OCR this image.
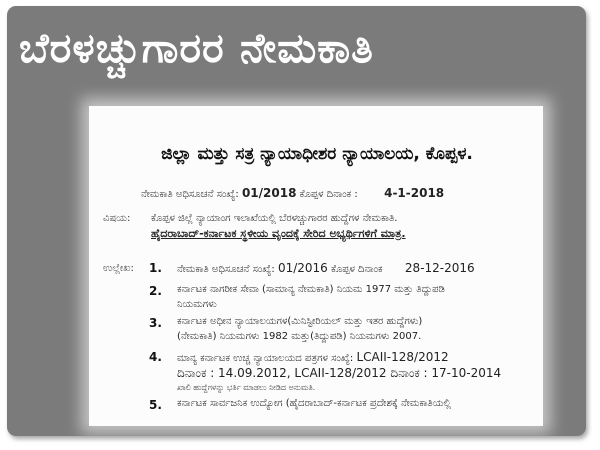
ಬೆರಳಚ್ಚುಗಾರರ ನೇಮಕಾತಿ
ಜಿಲ್ಲಾ ಮತ್ತು ಸತ್ರ ನ್ಯಾಯಾಧೀಶರ ನ್ಯಾಯಾಲಯ, ಕೊಪ್ಪಳ.
ನೇಮಕಾತಿ ಅಧಿಸೂಚನೆ ಸಂಖ್ಯೆ: 01/2018 ಕೊಪ್ಪಳ ದಿನಾಂಕ : 4-1-2018
ವಿಷಯ: ಕೊಪ್ಪಳ ಜಿಲ್ಲೆ ನ್ಯಾಯಾಂಗ ಇಲಾಖೆಯಲ್ಲಿ ಬೆರಳಚ್ಚುಗಾರರ ಹುದ್ದೆಗಳ ನೇಮಕಾತಿ.
ಹೈದರಾಬಾದ್-ಕರ್ನಾಟಕ ಸ್ಥಳೀಯ ವೃಂದಕ್ಕೆ ಸೇರಿದ ಅಭ್ಯರ್ಥಿಗಳಿಗೆ ಮಾತ್ರ.
ಉಲ್ಲೇಖ: 1. ನೇಮಕಾತಿ ಅಧಿಸೂಚನೆ ಸಂಖ್ಯೆ: 01/2016 ಕೊಪ್ಪಳ ದಿನಾಂಕ 28-12-2016
2. ಕರ್ನಾಟಕ ನಾಗರೀಕ ಸೇವಾ (ಸಾಮಾನ್ಯ ನೇಮಕಾತಿ) ನಿಯಮ 1977 ಮತ್ತು ತಿದ್ದುಪಡಿ
ನಿಯಮಗಳು
3. ಕರ್ನಾಟಕ ಅಧೀನ ನ್ಯಾಯಾಲಯಗಳ(ಮಿನಿಸ್ಟೀರಿಯಲ್ ಮತ್ತು ಇತರ ಹುದ್ದೆಗಳು)
(ನೇಮಕಾತಿ) ನಿಯಮಗಳು 1982 ಮತ್ತು(ತಿದ್ದುಪಡಿ) ನಿಯಮಗಳು 2007.
4. ಮಾನ್ಯ ಕರ್ನಾಟಕ ಉಚ್ಚ ನ್ಯಾಯಾಲಯದ ಪತ್ರಗಳ ಸಂಖ್ಯೆ: LCAII-128/2012
ದಿನಾಂಕ : 14.09.2012, LCAII-128/2012 ದಿನಾಂಕ : 17-10-2014
ಖಾಲಿ ಹುದ್ದೆಗಳನ್ನು ಭರ್ತಿ ಮಾಡಲು ನೀಡಿದ ಅನುಮತಿ.
5. ಕರ್ನಾಟಕ ಸಾರ್ವಜನಿಕ ಉದ್ಯೋಗ (ಹೈದರಾಬಾದ್-ಕರ್ನಾಟಕ ಪ್ರದೇಶಕ್ಕೆ ನೇಮಕಾತಿಯಲ್ಲಿ
